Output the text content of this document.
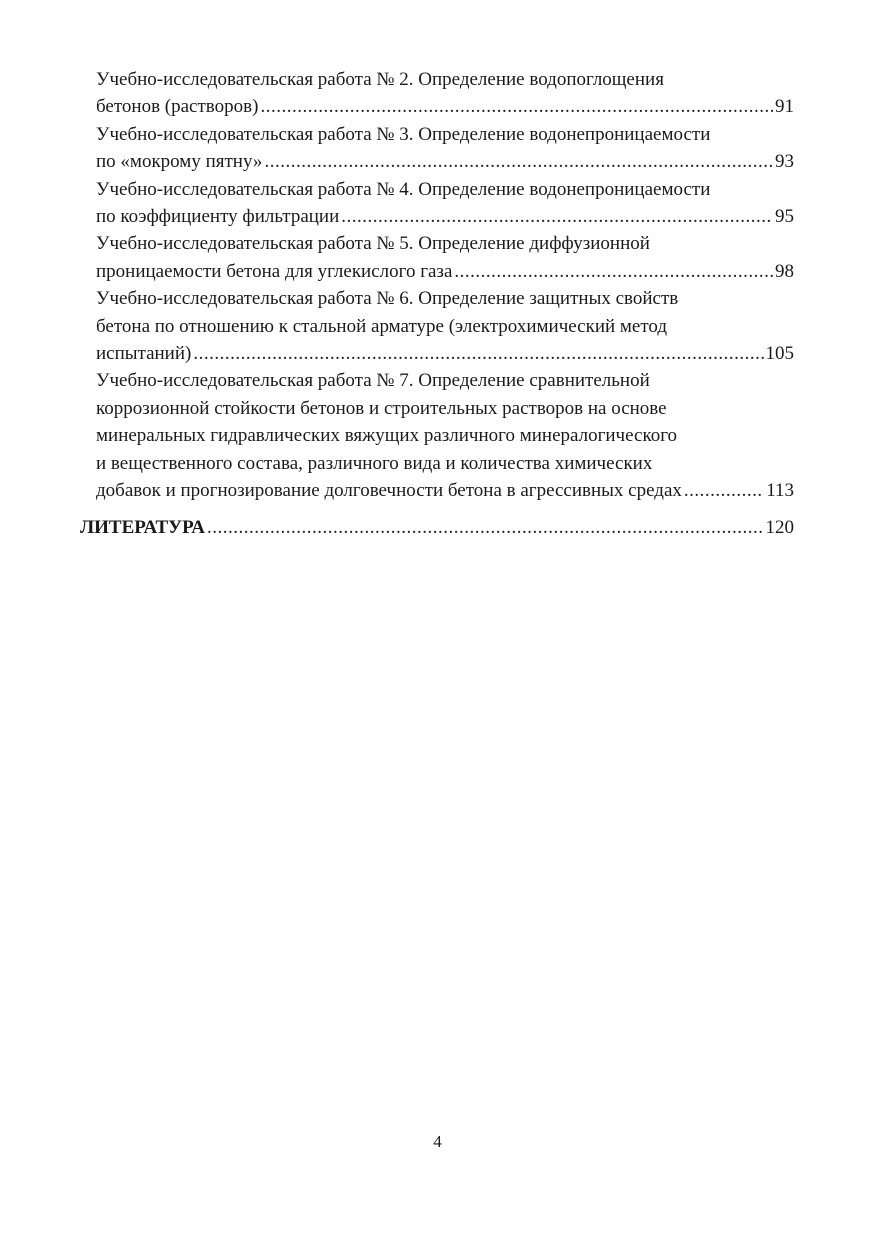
Учебно-исследовательская работа № 2. Определение водопоглощения
бетонов (растворов) .....	91
Учебно-исследовательская работа № 3. Определение водонепроницаемости
по «мокрому пятну» .....	93
Учебно-исследовательская работа № 4. Определение водонепроницаемости
по коэффициенту фильтрации .....	95
Учебно-исследовательская работа № 5. Определение диффузионной
проницаемости бетона для углекислого газа .....	98
Учебно-исследовательская работа № 6. Определение защитных свойств
бетона по отношению к стальной арматуре (электрохимический метод
испытаний) .....	105
Учебно-исследовательская работа № 7. Определение сравнительной
коррозионной стойкости бетонов и строительных растворов на основе
минеральных гидравлических вяжущих различного минералогического
и вещественного состава, различного вида и количества химических
добавок и прогнозирование долговечности бетона в агрессивных средах .....	113
ЛИТЕРАТУРА .....	120
4
